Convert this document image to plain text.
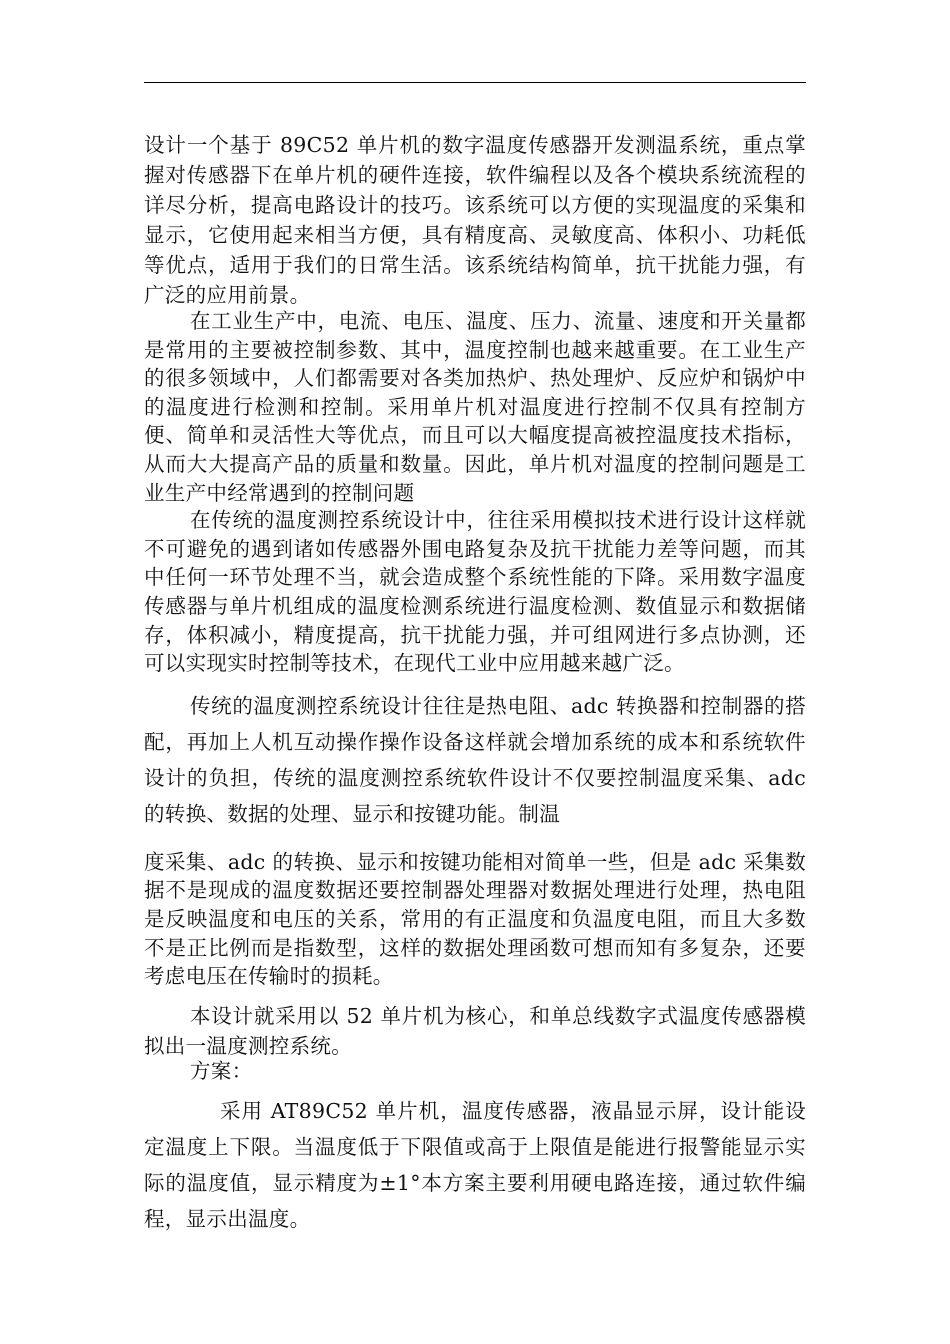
设计一个基于 89C52 单片机的数字温度传感器开发测温系统，重点掌握对传感器下在单片机的硬件连接，软件编程以及各个模块系统流程的详尽分析，提高电路设计的技巧。该系统可以方便的实现温度的采集和显示，它使用起来相当方便，具有精度高、灵敏度高、体积小、功耗低等优点，适用于我们的日常生活。该系统结构简单，抗干扰能力强，有广泛的应用前景。

在工业生产中，电流、电压、温度、压力、流量、速度和开关量都是常用的主要被控制参数、其中，温度控制也越来越重要。在工业生产的很多领域中，人们都需要对各类加热炉、热处理炉、反应炉和锅炉中的温度进行检测和控制。采用单片机对温度进行控制不仅具有控制方便、简单和灵活性大等优点，而且可以大幅度提高被控温度技术指标，从而大大提高产品的质量和数量。因此，单片机对温度的控制问题是工业生产中经常遇到的控制问题

在传统的温度测控系统设计中，往往采用模拟技术进行设计这样就不可避免的遇到诸如传感器外围电路复杂及抗干扰能力差等问题，而其中任何一环节处理不当，就会造成整个系统性能的下降。采用数字温度传感器与单片机组成的温度检测系统进行温度检测、数值显示和数据储存，体积减小，精度提高，抗干扰能力强，并可组网进行多点协测，还可以实现实时控制等技术，在现代工业中应用越来越广泛。

传统的温度测控系统设计往往是热电阻、adc 转换器和控制器的搭配，再加上人机互动操作操作设备这样就会增加系统的成本和系统软件设计的负担，传统的温度测控系统软件设计不仅要控制温度采集、adc 的转换、数据的处理、显示和按键功能。制温

度采集、adc 的转换、显示和按键功能相对简单一些，但是 adc 采集数据不是现成的温度数据还要控制器处理器对数据处理进行处理，热电阻是反映温度和电压的关系，常用的有正温度和负温度电阻，而且大多数不是正比例而是指数型，这样的数据处理函数可想而知有多复杂，还要考虑电压在传输时的损耗。

本设计就采用以 52 单片机为核心，和单总线数字式温度传感器模拟出一温度测控系统。

方案：

采用 AT89C52 单片机，温度传感器，液晶显示屏，设计能设定温度上下限。当温度低于下限值或高于上限值是能进行报警能显示实际的温度值，显示精度为±1°本方案主要利用硬电路连接，通过软件编程，显示出温度。
